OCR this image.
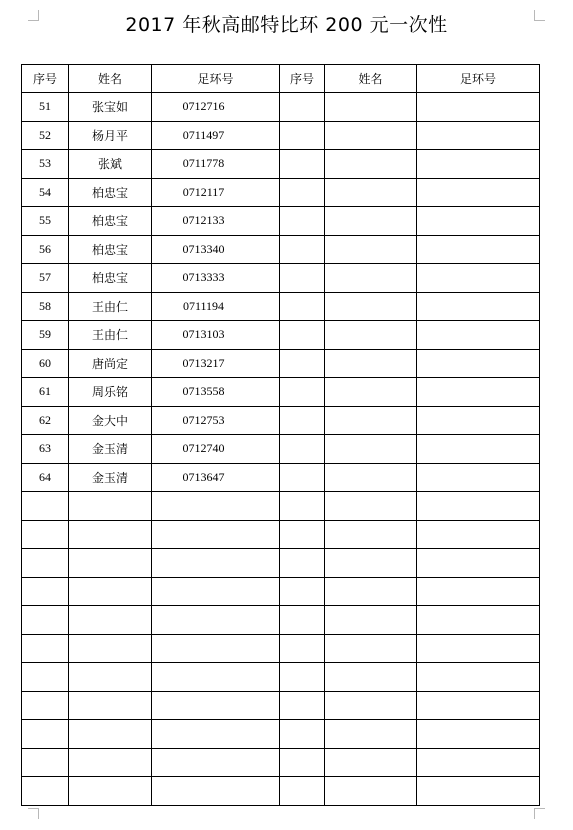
2017 年秋高邮特比环 200 元一次性
序号	姓名	足环号	序号	姓名	足环号
51	张宝如	0712716			
52	杨月平	0711497			
53	张斌	0711778			
54	柏忠宝	0712117			
55	柏忠宝	0712133			
56	柏忠宝	0713340			
57	柏忠宝	0713333			
58	王由仁	0711194			
59	王由仁	0713103			
60	唐尚定	0713217			
61	周乐铭	0713558			
62	金大中	0712753			
63	金玉清	0712740			
64	金玉清	0713647			
